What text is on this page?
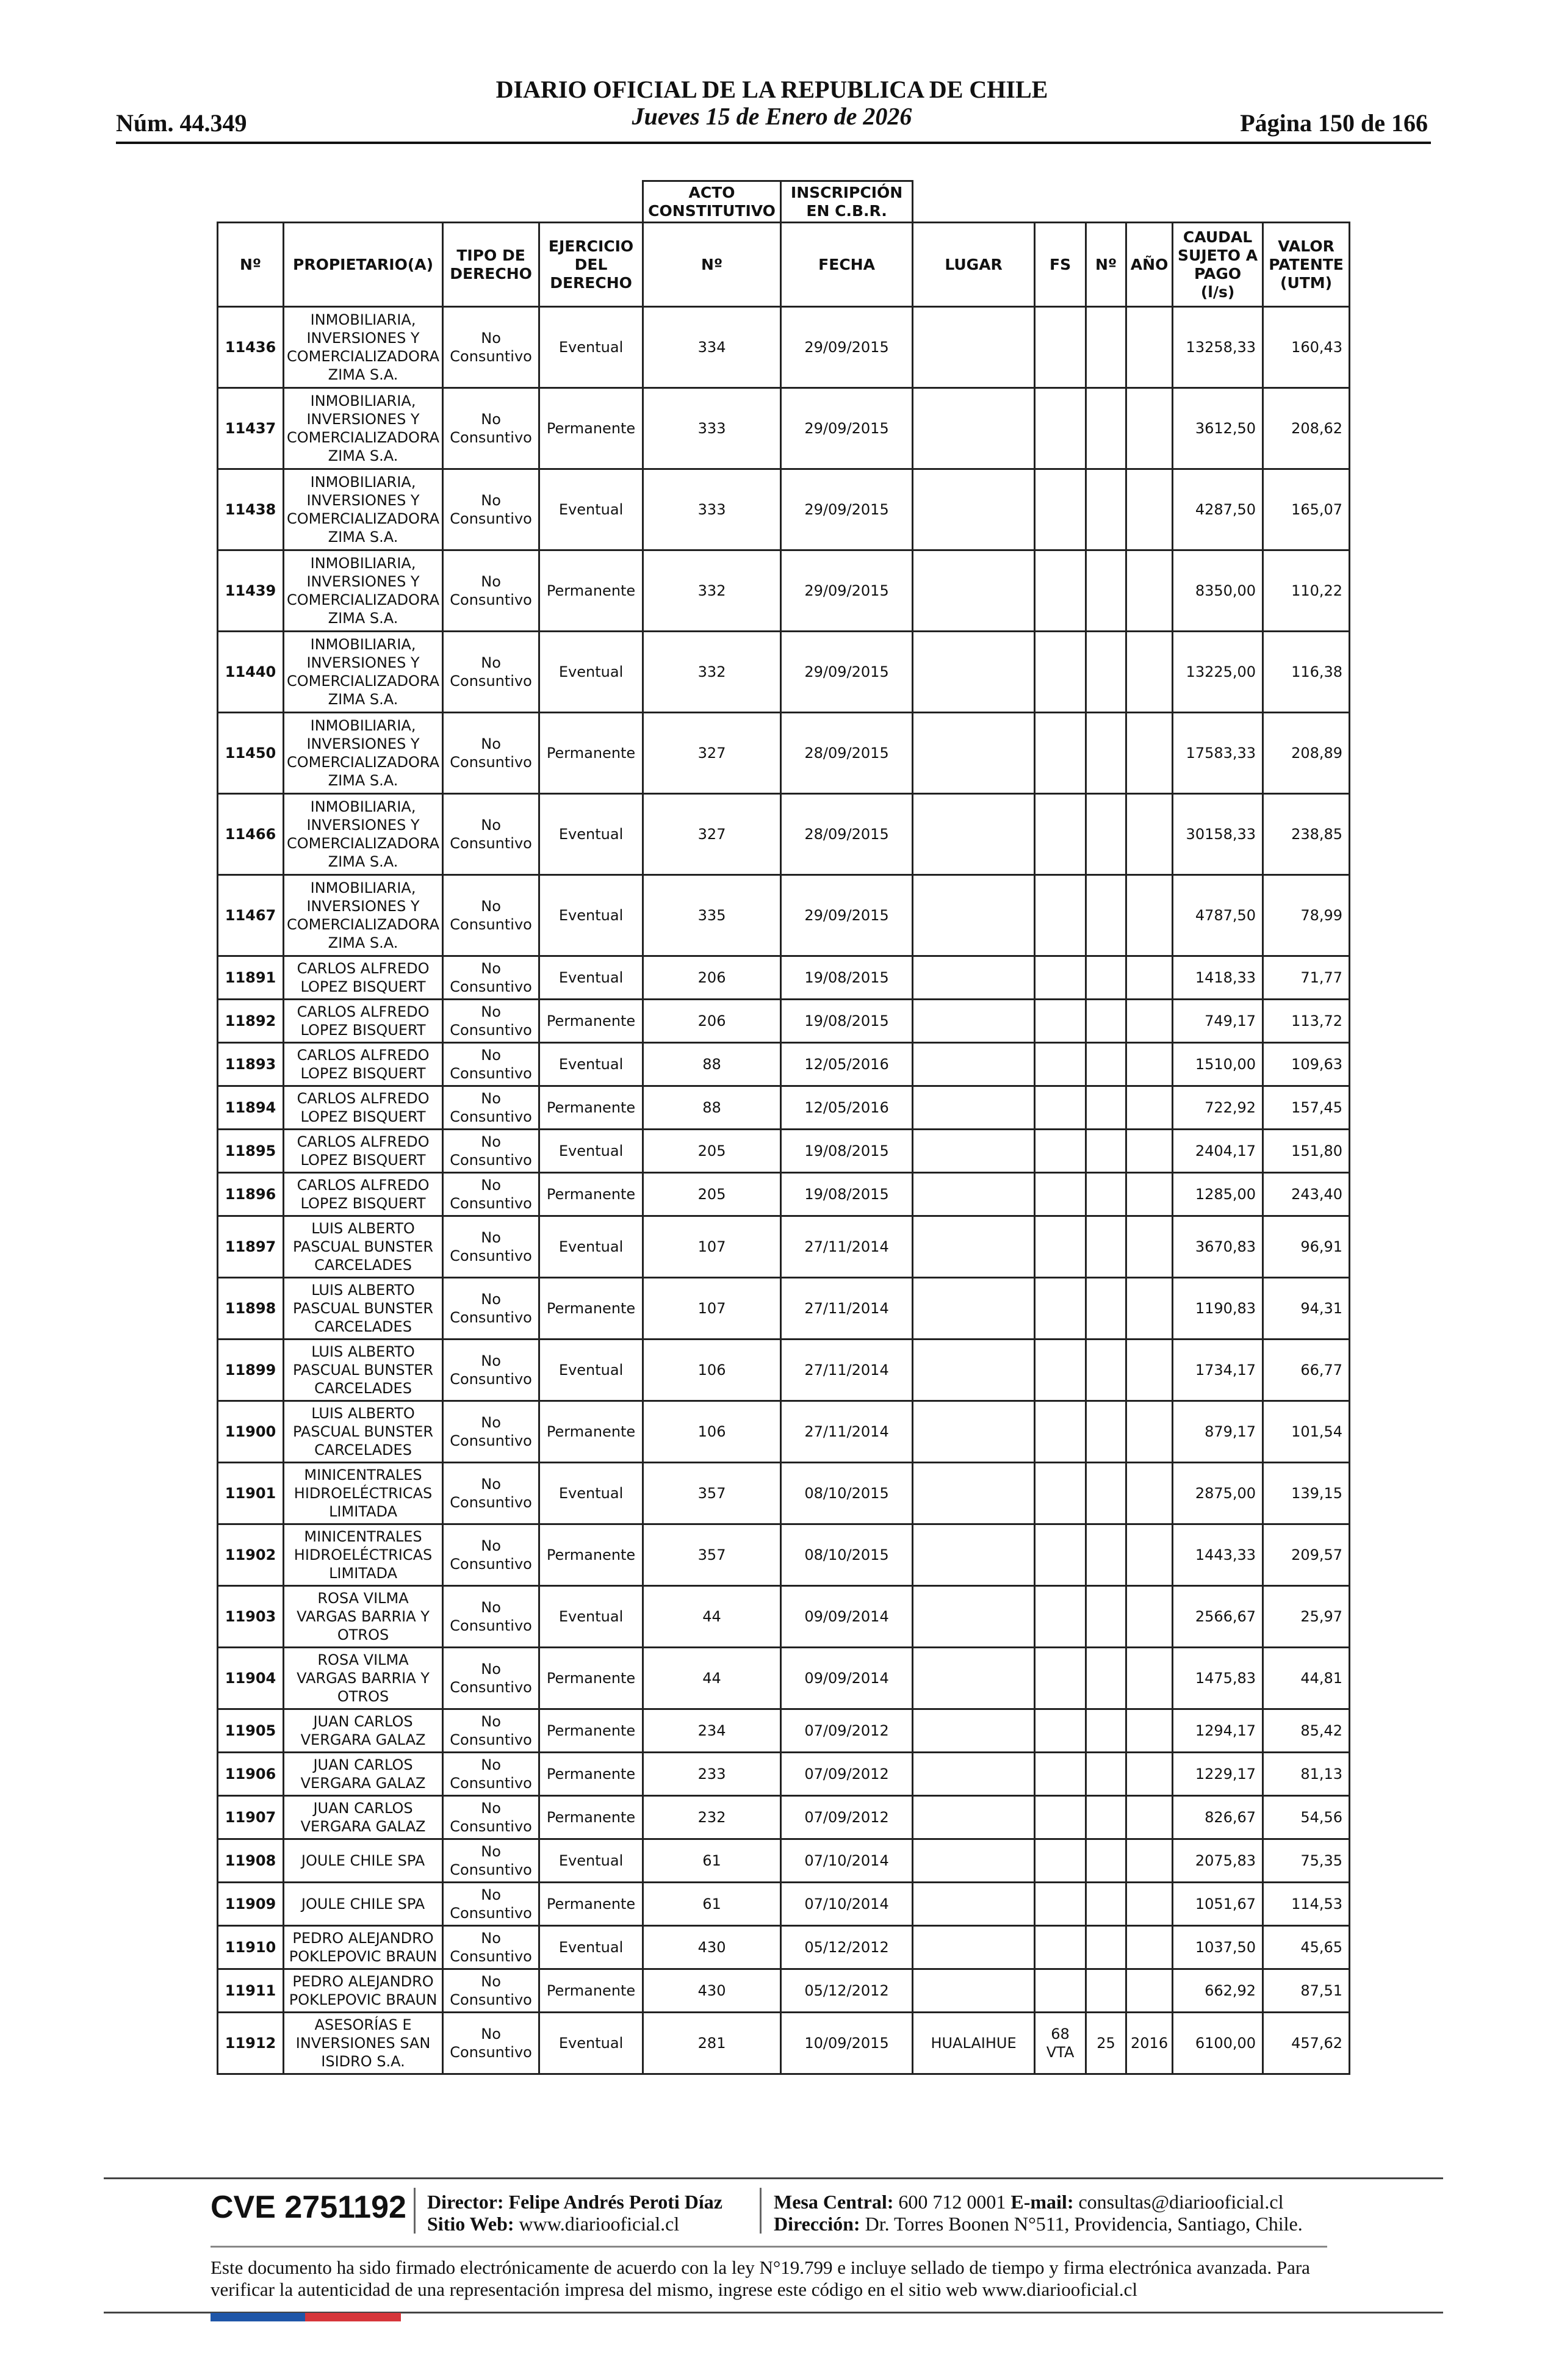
Núm. 44.349
DIARIO OFICIAL DE LA REPUBLICA DE CHILE
Jueves 15 de Enero de 2026	Página 150 de 166
				ACTO CONSTITUTIVO	INSCRIPCIÓN EN C.B.R.						
Nº	PROPIETARIO(A)	TIPO DE DERECHO	EJERCICIO DEL DERECHO	Nº	FECHA	LUGAR	FS	Nº	AÑO	CAUDAL SUJETO A PAGO (l/s)	VALOR PATENTE (UTM)
11436	INMOBILIARIA, INVERSIONES Y COMERCIALIZADORA ZIMA S.A.	No Consuntivo	Eventual	334	29/09/2015					13258,33	160,43
11437	INMOBILIARIA, INVERSIONES Y COMERCIALIZADORA ZIMA S.A.	No Consuntivo	Permanente	333	29/09/2015					3612,50	208,62
11438	INMOBILIARIA, INVERSIONES Y COMERCIALIZADORA ZIMA S.A.	No Consuntivo	Eventual	333	29/09/2015					4287,50	165,07
11439	INMOBILIARIA, INVERSIONES Y COMERCIALIZADORA ZIMA S.A.	No Consuntivo	Permanente	332	29/09/2015					8350,00	110,22
11440	INMOBILIARIA, INVERSIONES Y COMERCIALIZADORA ZIMA S.A.	No Consuntivo	Eventual	332	29/09/2015					13225,00	116,38
11450	INMOBILIARIA, INVERSIONES Y COMERCIALIZADORA ZIMA S.A.	No Consuntivo	Permanente	327	28/09/2015					17583,33	208,89
11466	INMOBILIARIA, INVERSIONES Y COMERCIALIZADORA ZIMA S.A.	No Consuntivo	Eventual	327	28/09/2015					30158,33	238,85
11467	INMOBILIARIA, INVERSIONES Y COMERCIALIZADORA ZIMA S.A.	No Consuntivo	Eventual	335	29/09/2015					4787,50	78,99
11891	CARLOS ALFREDO LOPEZ BISQUERT	No Consuntivo	Eventual	206	19/08/2015					1418,33	71,77
11892	CARLOS ALFREDO LOPEZ BISQUERT	No Consuntivo	Permanente	206	19/08/2015					749,17	113,72
11893	CARLOS ALFREDO LOPEZ BISQUERT	No Consuntivo	Eventual	88	12/05/2016					1510,00	109,63
11894	CARLOS ALFREDO LOPEZ BISQUERT	No Consuntivo	Permanente	88	12/05/2016					722,92	157,45
11895	CARLOS ALFREDO LOPEZ BISQUERT	No Consuntivo	Eventual	205	19/08/2015					2404,17	151,80
11896	CARLOS ALFREDO LOPEZ BISQUERT	No Consuntivo	Permanente	205	19/08/2015					1285,00	243,40
11897	LUIS ALBERTO PASCUAL BUNSTER CARCELADES	No Consuntivo	Eventual	107	27/11/2014					3670,83	96,91
11898	LUIS ALBERTO PASCUAL BUNSTER CARCELADES	No Consuntivo	Permanente	107	27/11/2014					1190,83	94,31
11899	LUIS ALBERTO PASCUAL BUNSTER CARCELADES	No Consuntivo	Eventual	106	27/11/2014					1734,17	66,77
11900	LUIS ALBERTO PASCUAL BUNSTER CARCELADES	No Consuntivo	Permanente	106	27/11/2014					879,17	101,54
11901	MINICENTRALES HIDROELÉCTRICAS LIMITADA	No Consuntivo	Eventual	357	08/10/2015					2875,00	139,15
11902	MINICENTRALES HIDROELÉCTRICAS LIMITADA	No Consuntivo	Permanente	357	08/10/2015					1443,33	209,57
11903	ROSA VILMA VARGAS BARRIA Y OTROS	No Consuntivo	Eventual	44	09/09/2014					2566,67	25,97
11904	ROSA VILMA VARGAS BARRIA Y OTROS	No Consuntivo	Permanente	44	09/09/2014					1475,83	44,81
11905	JUAN CARLOS VERGARA GALAZ	No Consuntivo	Permanente	234	07/09/2012					1294,17	85,42
11906	JUAN CARLOS VERGARA GALAZ	No Consuntivo	Permanente	233	07/09/2012					1229,17	81,13
11907	JUAN CARLOS VERGARA GALAZ	No Consuntivo	Permanente	232	07/09/2012					826,67	54,56
11908	JOULE CHILE SPA	No Consuntivo	Eventual	61	07/10/2014					2075,83	75,35
11909	JOULE CHILE SPA	No Consuntivo	Permanente	61	07/10/2014					1051,67	114,53
11910	PEDRO ALEJANDRO POKLEPOVIC BRAUN	No Consuntivo	Eventual	430	05/12/2012					1037,50	45,65
11911	PEDRO ALEJANDRO POKLEPOVIC BRAUN	No Consuntivo	Permanente	430	05/12/2012					662,92	87,51
11912	ASESORÍAS E INVERSIONES SAN ISIDRO S.A.	No Consuntivo	Eventual	281	10/09/2015	HUALAIHUE	68 VTA	25	2016	6100,00	457,62
CVE 2751192 Director: Felipe Andrés Peroti Díaz
Sitio Web: www.diariooficial.cl
Mesa Central: 600 712 0001 E-mail: consultas@diariooficial.cl
Dirección: Dr. Torres Boonen N°511, Providencia, Santiago, Chile.
Este documento ha sido firmado electrónicamente de acuerdo con la ley N°19.799 e incluye sellado de tiempo y firma electrónica avanzada. Para verificar la autenticidad de una representación impresa del mismo, ingrese este código en el sitio web www.diariooficial.cl
